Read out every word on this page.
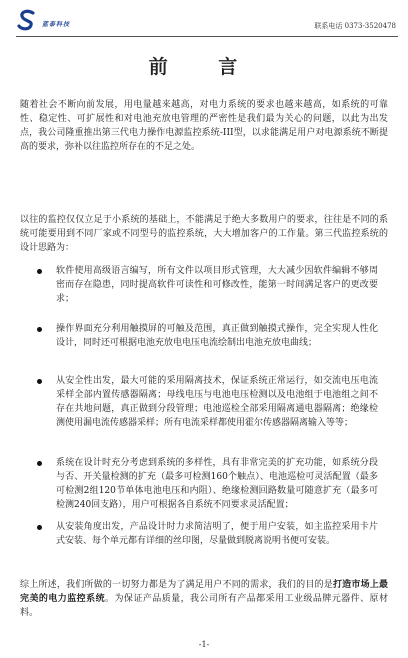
蓝泰科技	联系电话 0373-3520478
前 言

随着社会不断向前发展，用电量越来越高，对电力系统的要求也越来越高，如系统的可靠性、稳定性、可扩展性和对电池充放电管理的严密性是我们最为关心的问题，以此为出发点，我公司隆重推出第三代电力操作电源监控系统-III型，以求能满足用户对电源系统不断提高的要求，弥补以往监控所存在的不足之处。

以往的监控仅仅立足于小系统的基础上，不能满足于绝大多数用户的要求，往往是不同的系统可能要用到不同厂家或不同型号的监控系统，大大增加客户的工作量。第三代监控系统的设计思路为：

软件使用高级语言编写，所有文件以项目形式管理，大大减少因软件编辑不够周密而存在隐患，同时提高软件可读性和可修改性，能第一时间满足客户的更改要求；

操作界面充分利用触摸屏的可触及范围，真正做到触摸式操作，完全实现人性化设计，同时还可根据电池充放电电压电流绘制出电池充放电曲线；

从安全性出发，最大可能的采用隔离技术，保证系统正常运行，如交流电压电流采样全部内置传感器隔离；母线电压与电池电压检测以及电池组于电池组之间不存在共地问题，真正做到分段管理；电池巡检全部采用隔离通电器隔离；绝缘检测使用漏电流传感器采样；所有电流采样都使用霍尔传感器隔离输入等等；

系统在设计时充分考虑到系统的多样性，具有非常完美的扩充功能，如系统分段与否、开关量检测的扩充（最多可检测160个触点）、电池巡检可灵活配置（最多可检测2组120节单体电池电压和内阻）、绝缘检测回路数量可随意扩充（最多可检测240回支路），用户可根据各自系统不同要求灵活配置；

从安装角度出发，产品设计时力求简洁明了，便于用户安装，如主监控采用卡片式安装、每个单元都有详细的丝印图，尽量做到脱离说明书便可安装。

综上所述，我们所做的一切努力都是为了满足用户不同的需求，我们的目的是打造市场上最完美的电力监控系统。为保证产品质量，我公司所有产品都采用工业级品牌元器件、原材料。

-1-
